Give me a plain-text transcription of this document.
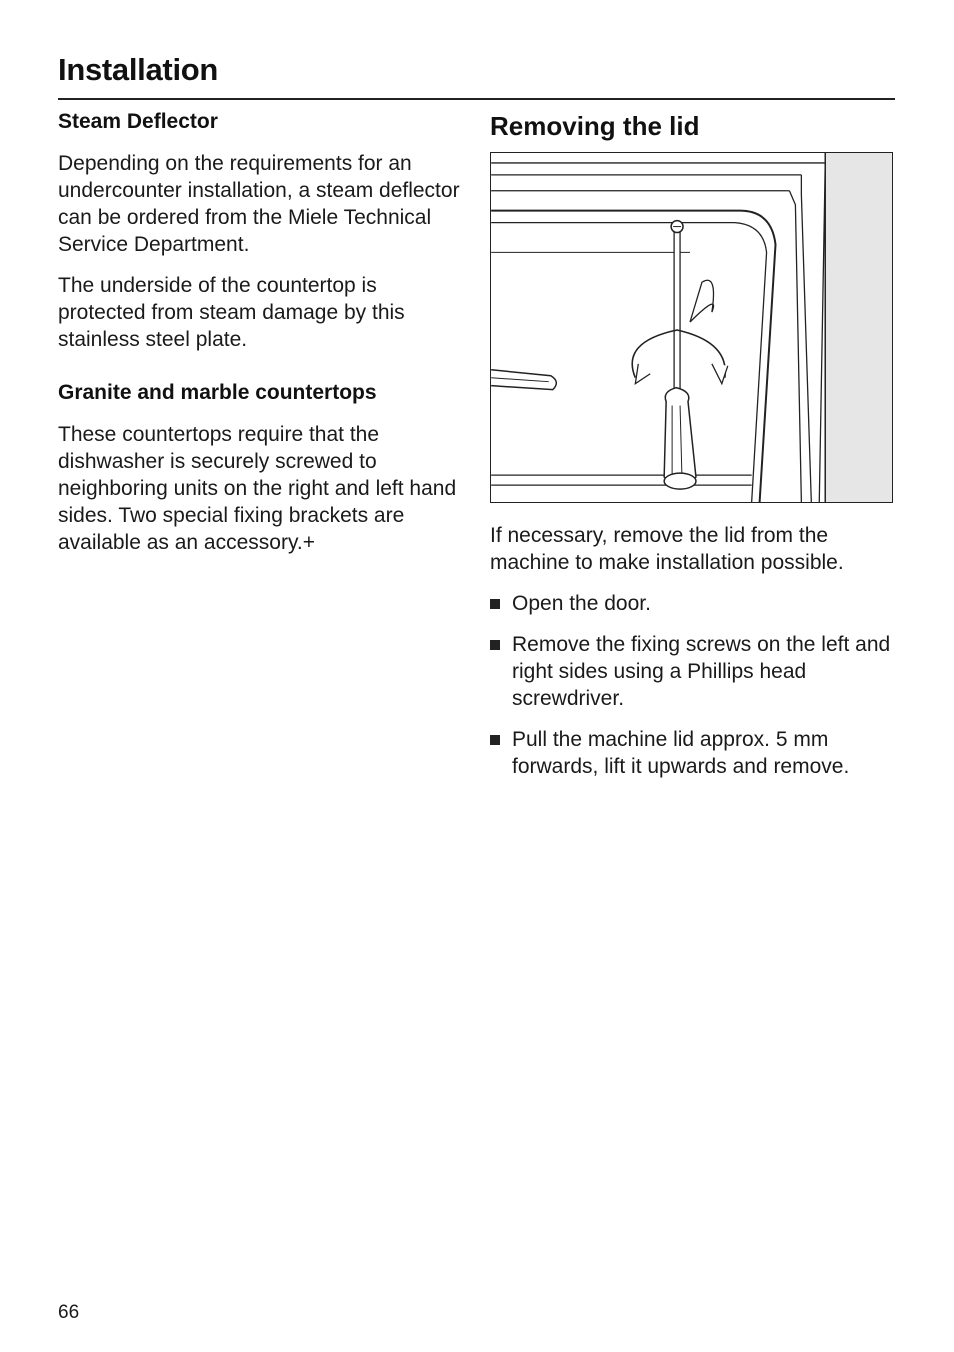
Installation
Steam Deflector

Depending on the requirements for an undercounter installation, a steam deflector can be ordered from the Miele Technical Service Department.

The underside of the countertop is protected from steam damage by this stainless steel plate.

Granite and marble countertops

These countertops require that the dishwasher is securely screwed to neighboring units on the right and left hand sides. Two special fixing brackets are available as an accessory.+

Removing the lid

If necessary, remove the lid from the machine to make installation possible.

Open the door.
Remove the fixing screws on the left and right sides using a Phillips head screwdriver.
Pull the machine lid approx. 5 mm forwards, lift it upwards and remove.
66
